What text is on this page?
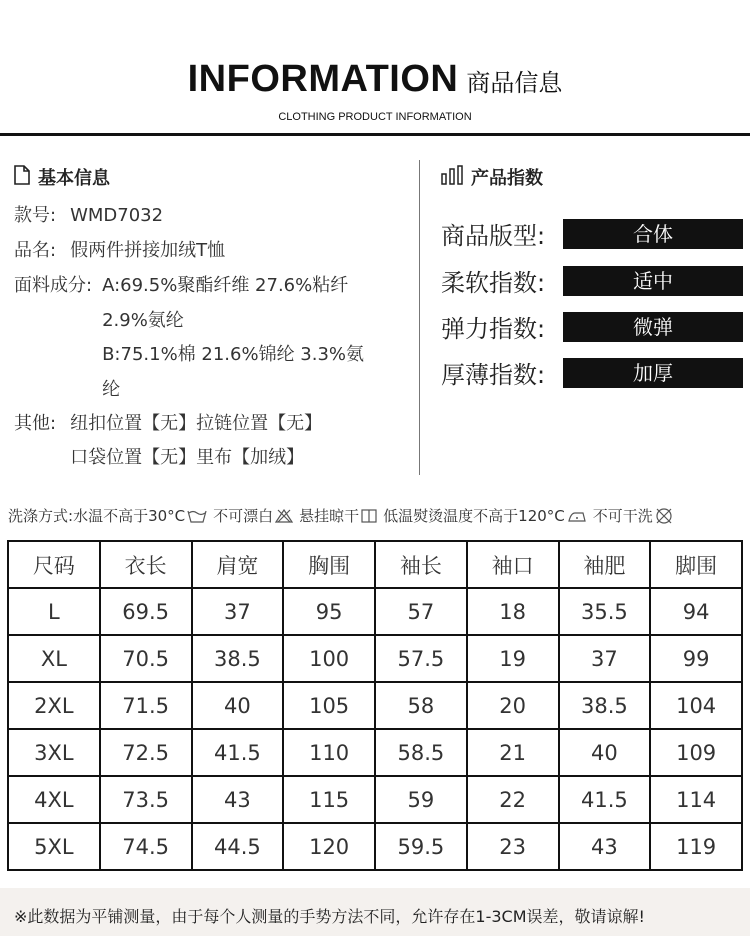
INFORMATION 商品信息
CLOTHING PRODUCT INFORMATION
基本信息	产品指数
款号: WMD7032
品名: 假两件拼接加绒T恤
面料成分: A:69.5%聚酯纤维 27.6%粘纤
2.9%氨纶
B:75.1%棉 21.6%锦纶 3.3%氨
纶
其他: 纽扣位置【无】拉链位置【无】
口袋位置【无】里布【加绒】
商品版型:	合体
柔软指数:	适中
弹力指数:	微弹
厚薄指数:	加厚
洗涤方式: 水温不高于30°C 不可漂白 悬挂晾干 低温熨烫温度不高于120°C 不可干洗
尺码	衣长	肩宽	胸围	袖长	袖口	袖肥	脚围
L	69.5	37	95	57	18	35.5	94
XL	70.5	38.5	100	57.5	19	37	99
2XL	71.5	40	105	58	20	38.5	104
3XL	72.5	41.5	110	58.5	21	40	109
4XL	73.5	43	115	59	22	41.5	114
5XL	74.5	44.5	120	59.5	23	43	119
※此数据为平铺测量，由于每个人测量的手势方法不同，允许存在1-3CM误差，敬请谅解!
